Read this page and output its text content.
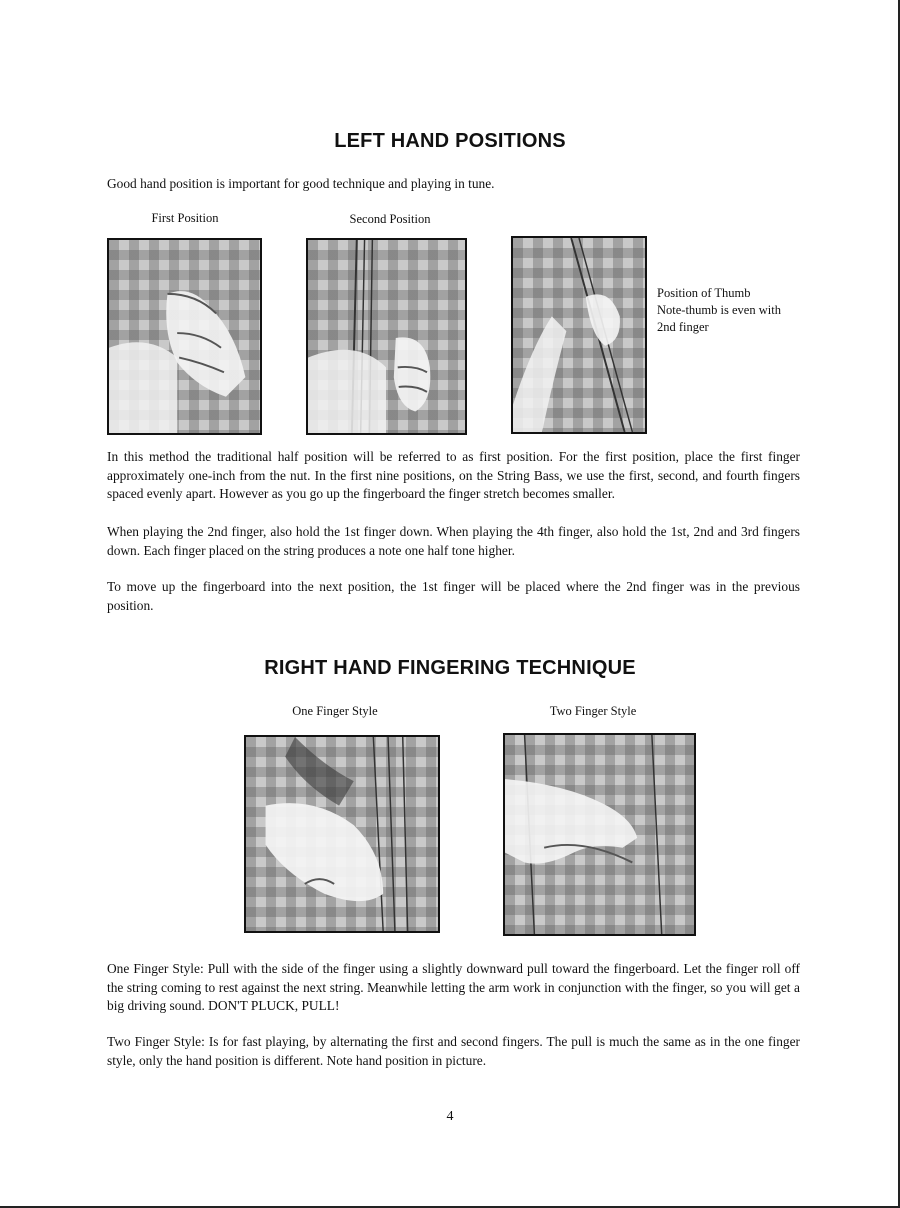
LEFT HAND POSITIONS

Good hand position is important for good technique and playing in tune.

First Position	Second Position
Position of Thumb
Note-thumb is even with
2nd finger

In this method the traditional half position will be referred to as first position. For the first position, place the first finger approximately one-inch from the nut. In the first nine positions, on the String Bass, we use the first, second, and fourth fingers spaced evenly apart. However as you go up the fingerboard the finger stretch becomes smaller.

When playing the 2nd finger, also hold the 1st finger down. When playing the 4th finger, also hold the 1st, 2nd and 3rd fingers down. Each finger placed on the string produces a note one half tone higher.

To move up the fingerboard into the next position, the 1st finger will be placed where the 2nd finger was in the previous position.

RIGHT HAND FINGERING TECHNIQUE
One Finger Style	Two Finger Style

One Finger Style: Pull with the side of the finger using a slightly downward pull toward the fingerboard. Let the finger roll off the string coming to rest against the next string. Meanwhile letting the arm work in conjunction with the finger, so you will get a big driving sound. DON'T PLUCK, PULL!

Two Finger Style: Is for fast playing, by alternating the first and second fingers. The pull is much the same as in the one finger style, only the hand position is different. Note hand position in picture.

4
